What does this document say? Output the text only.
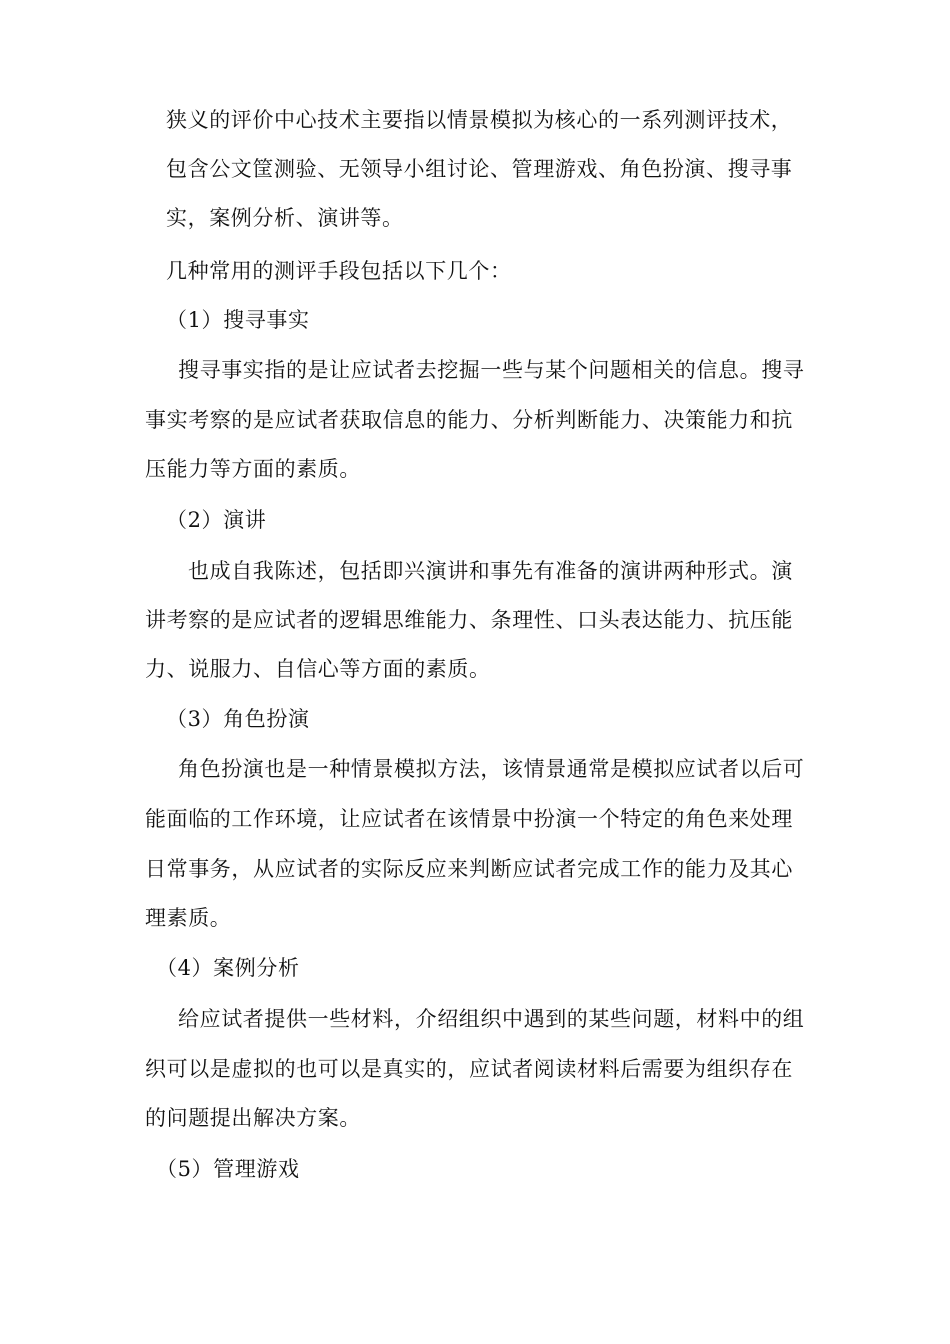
狭义的评价中心技术主要指以情景模拟为核心的一系列测评技术，
包含公文筐测验、无领导小组讨论、管理游戏、角色扮演、搜寻事
实，案例分析、演讲等。
几种常用的测评手段包括以下几个：
（1）搜寻事实
搜寻事实指的是让应试者去挖掘一些与某个问题相关的信息。搜寻
事实考察的是应试者获取信息的能力、分析判断能力、决策能力和抗
压能力等方面的素质。
（2）演讲
也成自我陈述，包括即兴演讲和事先有准备的演讲两种形式。演
讲考察的是应试者的逻辑思维能力、条理性、口头表达能力、抗压能
力、说服力、自信心等方面的素质。
（3）角色扮演
角色扮演也是一种情景模拟方法，该情景通常是模拟应试者以后可
能面临的工作环境，让应试者在该情景中扮演一个特定的角色来处理
日常事务，从应试者的实际反应来判断应试者完成工作的能力及其心
理素质。
（4）案例分析
给应试者提供一些材料，介绍组织中遇到的某些问题，材料中的组
织可以是虚拟的也可以是真实的，应试者阅读材料后需要为组织存在
的问题提出解决方案。
（5）管理游戏
